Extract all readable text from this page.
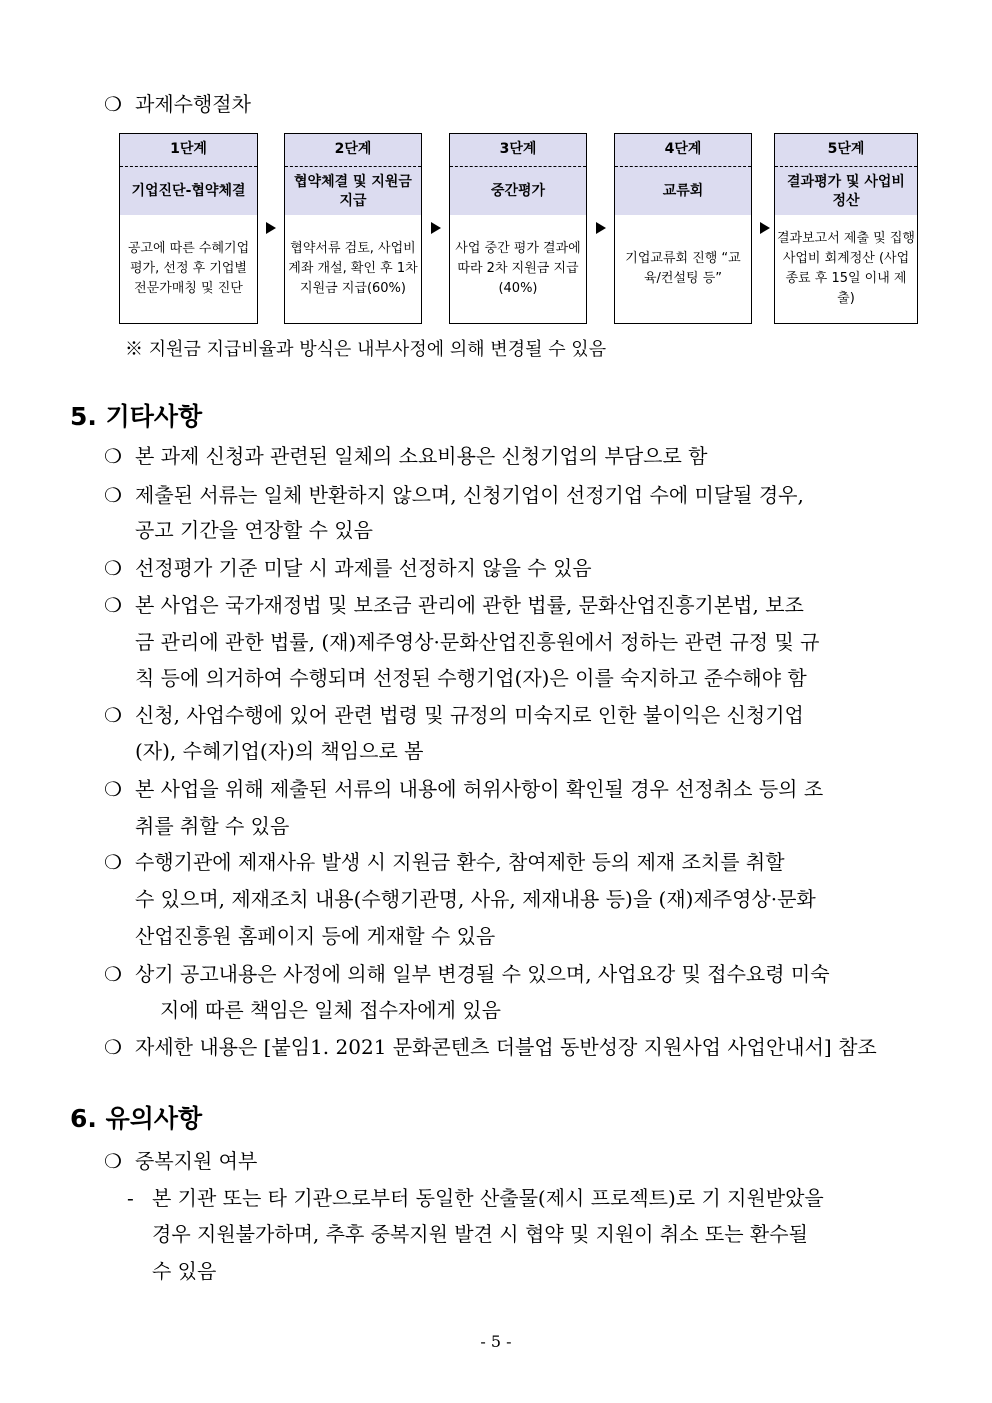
❍ 과제수행절차
1단계
기업진단-협약체결
공고에 따른 수혜기업 평가, 선정 후 기업별 전문가매칭 및 진단
2단계
협약체결 및 지원금 지급
협약서류 검토, 사업비 계좌 개설, 확인 후 1차 지원금 지급(60%)
3단계
중간평가
사업 중간 평가 결과에 따라 2차 지원금 지급(40%)
4단계
교류회
기업교류회 진행 “교육/컨설팅 등”
5단계
결과평가 및 사업비 정산
결과보고서 제출 및 집행 사업비 회계정산 (사업종료 후 15일 이내 제출)
※ 지원금 지급비율과 방식은 내부사정에 의해 변경될 수 있음
5. 기타사항
❍ 본 과제 신청과 관련된 일체의 소요비용은 신청기업의 부담으로 함
❍ 제출된 서류는 일체 반환하지 않으며, 신청기업이 선정기업 수에 미달될 경우,
공고 기간을 연장할 수 있음
❍ 선정평가 기준 미달 시 과제를 선정하지 않을 수 있음
❍ 본 사업은 국가재정법 및 보조금 관리에 관한 법률, 문화산업진흥기본법, 보조
금 관리에 관한 법률, (재)제주영상·문화산업진흥원에서 정하는 관련 규정 및 규
칙 등에 의거하여 수행되며 선정된 수행기업(자)은 이를 숙지하고 준수해야 함
❍ 신청, 사업수행에 있어 관련 법령 및 규정의 미숙지로 인한 불이익은 신청기업
(자), 수혜기업(자)의 책임으로 봄
❍ 본 사업을 위해 제출된 서류의 내용에 허위사항이 확인될 경우 선정취소 등의 조
취를 취할 수 있음
❍ 수행기관에 제재사유 발생 시 지원금 환수, 참여제한 등의 제재 조치를 취할
수 있으며, 제재조치 내용(수행기관명, 사유, 제재내용 등)을 (재)제주영상·문화
산업진흥원 홈페이지 등에 게재할 수 있음
❍ 상기 공고내용은 사정에 의해 일부 변경될 수 있으며, 사업요강 및 접수요령 미숙
지에 따른 책임은 일체 접수자에게 있음
❍ 자세한 내용은 [붙임1. 2021 문화콘텐츠 더블업 동반성장 지원사업 사업안내서] 참조
6. 유의사항
❍ 중복지원 여부
- 본 기관 또는 타 기관으로부터 동일한 산출물(제시 프로젝트)로 기 지원받았을
경우 지원불가하며, 추후 중복지원 발견 시 협약 및 지원이 취소 또는 환수될
수 있음
- 5 -
